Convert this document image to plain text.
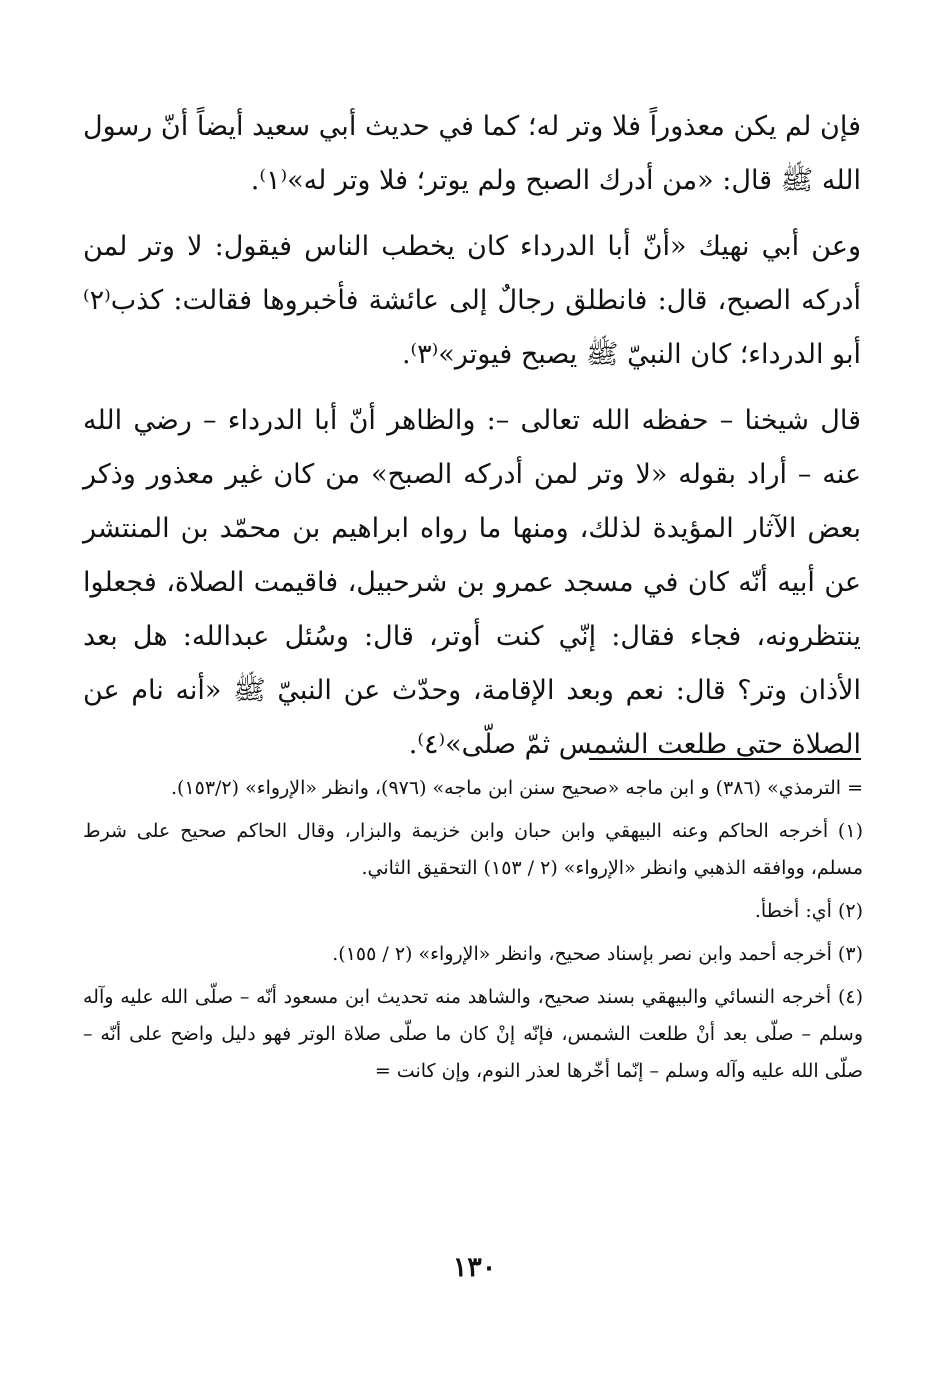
فإن لم يكن معذوراً فلا وتر له؛ كما في حديث أبي سعيد أيضاً أنّ رسول الله ﷺ قال: «من أدرك الصبح ولم يوتر؛ فلا وتر له»⁽١⁾.

وعن أبي نهيك «أنّ أبا الدرداء كان يخطب الناس فيقول: لا وتر لمن أدركه الصبح، قال: فانطلق رجالٌ إلى عائشة فأخبروها فقالت: كذب⁽٢⁾ أبو الدرداء؛ كان النبيّ ﷺ يصبح فيوتر»⁽٣⁾.

قال شيخنا – حفظه الله تعالى –: والظاهر أنّ أبا الدرداء – رضي الله عنه – أراد بقوله «لا وتر لمن أدركه الصبح» من كان غير معذور وذكر بعض الآثار المؤيدة لذلك، ومنها ما رواه ابراهيم بن محمّد بن المنتشر عن أبيه أنّه كان في مسجد عمرو بن شرحبيل، فاقيمت الصلاة، فجعلوا ينتظرونه، فجاء فقال: إنّي كنت أوتر، قال: وسُئل عبدالله: هل بعد الأذان وتر؟ قال: نعم وبعد الإقامة، وحدّث عن النبيّ ﷺ «أنه نام عن الصلاة حتى طلعت الشمس ثمّ صلّى»⁽٤⁾.

= الترمذي» (٣٨٦) و ابن ماجه «صحيح سنن ابن ماجه» (٩٧٦)، وانظر «الإرواء» (١٥٣/٢).

(١) أخرجه الحاكم وعنه البيهقي وابن حبان وابن خزيمة والبزار، وقال الحاكم صحيح على شرط مسلم، ووافقه الذهبي وانظر «الإرواء» (٢ / ١٥٣) التحقيق الثاني.

(٢) أي: أخطأ.

(٣) أخرجه أحمد وابن نصر بإسناد صحيح، وانظر «الإرواء» (٢ / ١٥٥).

(٤) أخرجه النسائي والبيهقي بسند صحيح، والشاهد منه تحديث ابن مسعود أنّه – صلّى الله عليه وآله وسلم – صلّى بعد أنْ طلعت الشمس، فإنّه إنْ كان ما صلّى صلاة الوتر فهو دليل واضح على أنّه – صلّى الله عليه وآله وسلم – إنّما أخّرها لعذر النوم، وإن كانت =

١٣٠
